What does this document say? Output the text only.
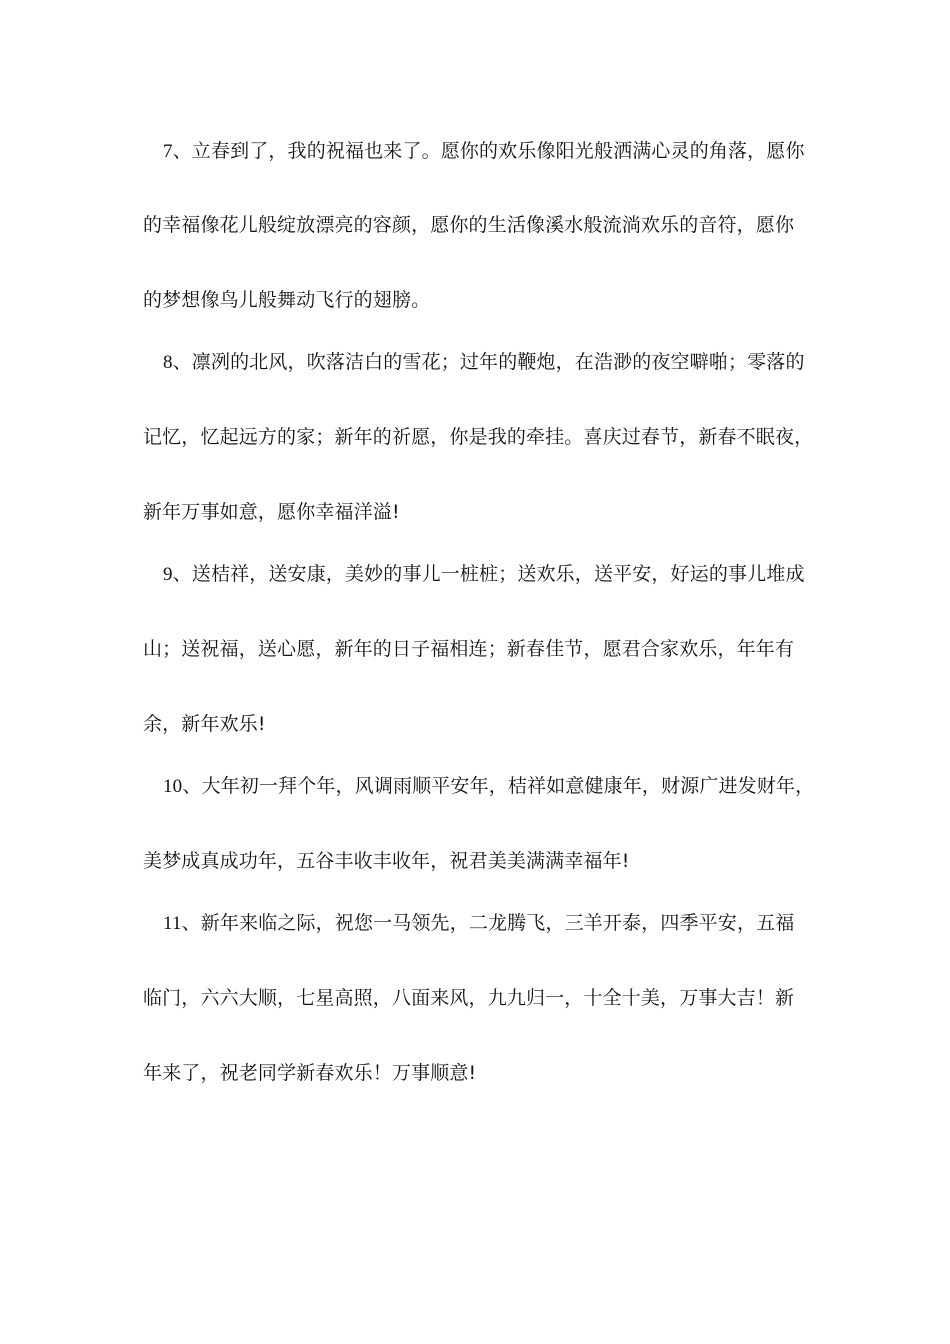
7、立春到了，我的祝福也来了。愿你的欢乐像阳光般洒满心灵的角落，愿你
的幸福像花儿般绽放漂亮的容颜，愿你的生活像溪水般流淌欢乐的音符，愿你
的梦想像鸟儿般舞动飞行的翅膀。
8、凛冽的北风，吹落洁白的雪花；过年的鞭炮，在浩渺的夜空噼啪；零落的
记忆，忆起远方的家；新年的祈愿，你是我的牵挂。喜庆过春节，新春不眠夜，
新年万事如意，愿你幸福洋溢!
9、送桔祥，送安康，美妙的事儿一桩桩；送欢乐，送平安，好运的事儿堆成
山；送祝福，送心愿，新年的日子福相连；新春佳节，愿君合家欢乐，年年有
余，新年欢乐!
10、大年初一拜个年，风调雨顺平安年，桔祥如意健康年，财源广进发财年，
美梦成真成功年，五谷丰收丰收年，祝君美美满满幸福年!
11、新年来临之际，祝您一马领先，二龙腾飞，三羊开泰，四季平安，五福
临门，六六大顺，七星高照，八面来风，九九归一，十全十美，万事大吉！新
年来了，祝老同学新春欢乐！万事顺意!
